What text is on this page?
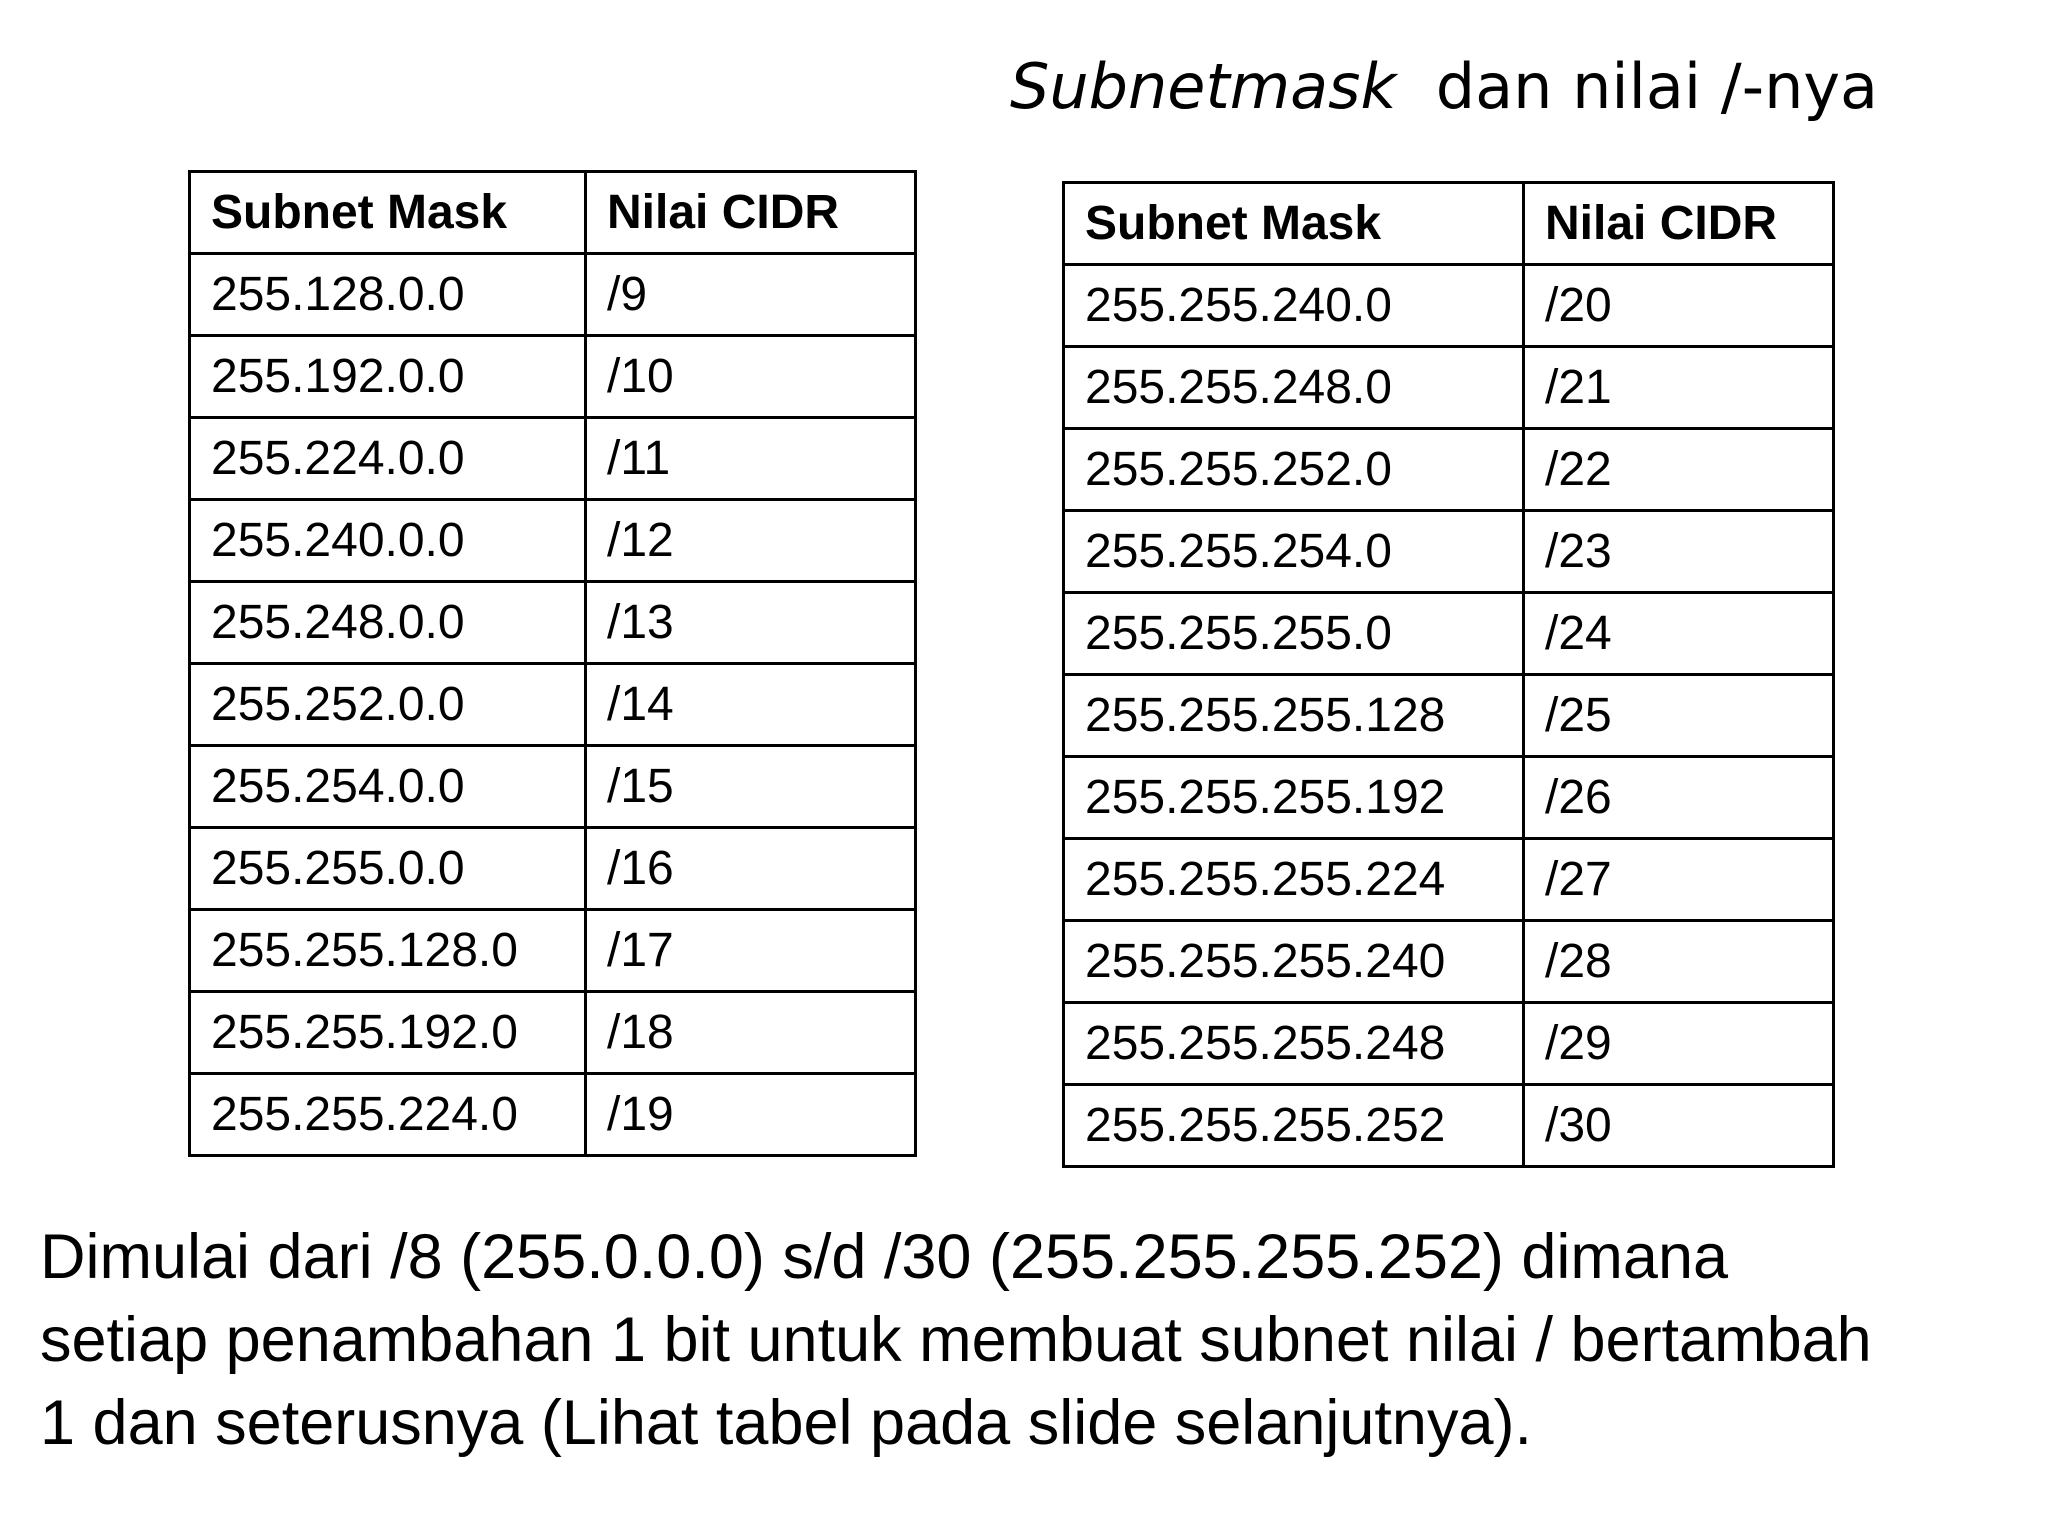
Subnetmask dan nilai /-nya
Subnet Mask	Nilai CIDR
255.128.0.0	/9
255.192.0.0	/10
255.224.0.0	/11
255.240.0.0	/12
255.248.0.0	/13
255.252.0.0	/14
255.254.0.0	/15
255.255.0.0	/16
255.255.128.0	/17
255.255.192.0	/18
255.255.224.0	/19
Subnet Mask	Nilai CIDR
255.255.240.0	/20
255.255.248.0	/21
255.255.252.0	/22
255.255.254.0	/23
255.255.255.0	/24
255.255.255.128	/25
255.255.255.192	/26
255.255.255.224	/27
255.255.255.240	/28
255.255.255.248	/29
255.255.255.252	/30
Dimulai dari /8 (255.0.0.0) s/d /30 (255.255.255.252) dimana
setiap penambahan 1 bit untuk membuat subnet nilai / bertambah
1 dan seterusnya (Lihat tabel pada slide selanjutnya).
